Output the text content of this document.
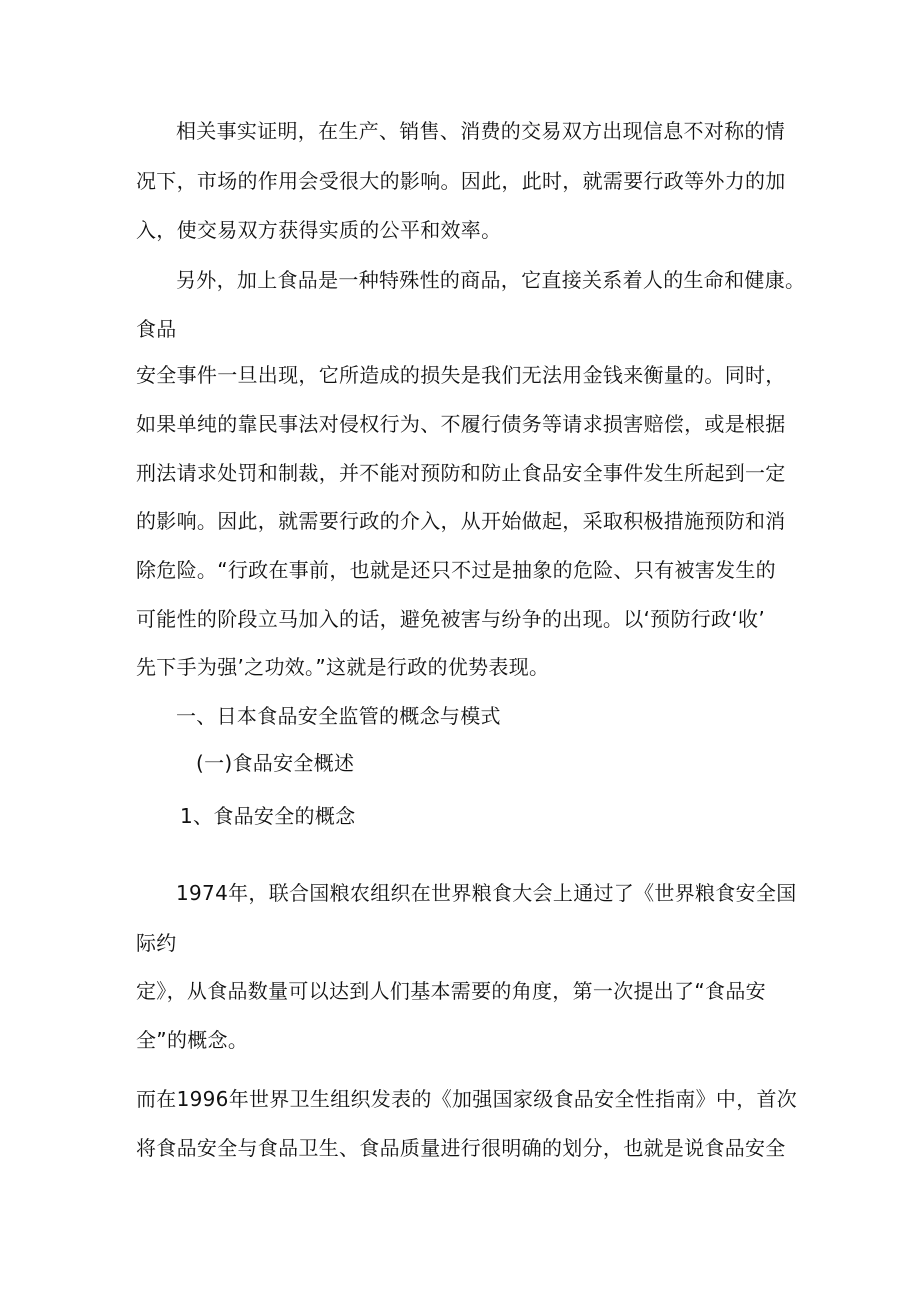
相关事实证明，在生产、销售、消费的交易双方出现信息不对称的情
况下，市场的作用会受很大的影响。因此，此时，就需要行政等外力的加
入，使交易双方获得实质的公平和效率。
另外，加上食品是一种特殊性的商品，它直接关系着人的生命和健康。
食品
安全事件一旦出现，它所造成的损失是我们无法用金钱来衡量的。同时，
如果单纯的靠民事法对侵权行为、不履行债务等请求损害赔偿，或是根据
刑法请求处罚和制裁，并不能对预防和防止食品安全事件发生所起到一定
的影响。因此，就需要行政的介入，从开始做起，采取积极措施预防和消
除危险。“行政在事前，也就是还只不过是抽象的危险、只有被害发生的
可能性的阶段立马加入的话，避免被害与纷争的出现。以‘预防行政‘收’
先下手为强’之功效。”这就是行政的优势表现。
一、日本食品安全监管的概念与模式
(一)食品安全概述
1、食品安全的概念
1974年，联合国粮农组织在世界粮食大会上通过了《世界粮食安全国
际约
定》，从食品数量可以达到人们基本需要的角度，第一次提出了“食品安
全”的概念。
而在1996年世界卫生组织发表的《加强国家级食品安全性指南》中，首次
将食品安全与食品卫生、食品质量进行很明确的划分，也就是说食品安全
